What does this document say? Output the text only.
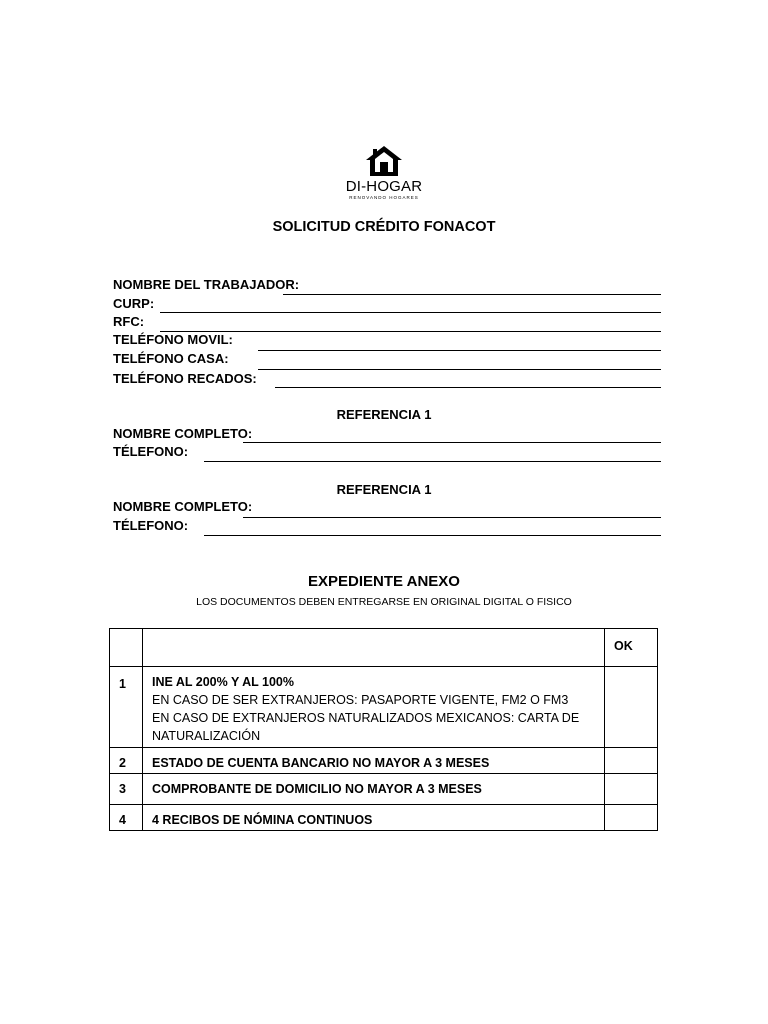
DI-HOGAR
RENOVANDO HOGARES
SOLICITUD CRÉDITO FONACOT
NOMBRE DEL TRABAJADOR:
CURP:
RFC:
TELÉFONO MOVIL:
TELÉFONO CASA:
TELÉFONO RECADOS:
REFERENCIA 1
NOMBRE COMPLETO:
TÉLEFONO:
REFERENCIA 1
NOMBRE COMPLETO:
TÉLEFONO:
EXPEDIENTE ANEXO
LOS DOCUMENTOS DEBEN ENTREGARSE EN ORIGINAL DIGITAL O FISICO
		OK
1	INE AL 200% Y AL 100%
EN CASO DE SER EXTRANJEROS: PASAPORTE VIGENTE, FM2 O FM3
EN CASO DE EXTRANJEROS NATURALIZADOS MEXICANOS: CARTA DE NATURALIZACIÓN	

2	ESTADO DE CUENTA BANCARIO NO MAYOR A 3 MESES	

3	COMPROBANTE DE DOMICILIO NO MAYOR A 3 MESES	

4	4 RECIBOS DE NÓMINA CONTINUOS	
